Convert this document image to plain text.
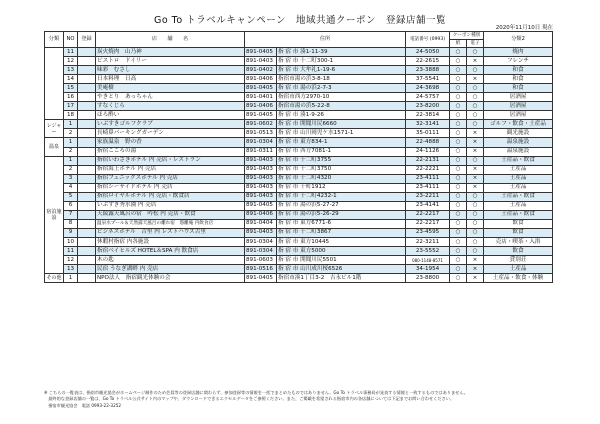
Go To トラベルキャンペーン　地域共通クーポン　登録店舗一覧
2020年11月10日 現在
分類	NO	登録	店　　舗　　名	住所		電話番号 (0993)	クーポン種別		分類2
							紙	電子	
	11		炭火焼肉　山乃神	891-0405	指 宿 市 湊1-11-39	24-5050	○	○	焼肉
	12		ビストロ　ドイリー	891-0403	指 宿 市 十二町300-1	22-2615	○	×	フレンチ
	13		味彩　むさし	891-0402	指 宿 市 大牟礼1-19-6	23-3888	○	○	和食
	14		日本料理　日高	891-0406	指宿市湯の浜3-8-18	37-5541	○	×	和食
	15		美庵樹	891-0405	指 宿 市 湯の浜2-7-3	24-3698	○	○	和食
	16		やきとり　あっちゃん	891-0401	指宿市西方2970-10	24-5757	○	○	居酒屋
	17		すなくじら	891-0406	指宿市湯の浜5-22-8	23-8200	○	○	居酒屋
	18		ほろ酔い	891-0405	指 宿 市 湊1-9-26	22-3814	○	○	居酒屋
レジャー	1		いぶすきゴルフクラブ	891-0602	指 宿 市 開聞川尻6660	32-3141	○	○	ゴルフ・飲食・土産品
	2		長崎鼻パーキングガーデン	891-0513	指 宿 市 山川岡児ケ水1571-1	35-0111	○	×	観光施設
温泉	1		家族温泉　野の香	891-0304	指 宿 市 東方834-1	22-4888	○	×	温泉施設
	2		指宿こころの湯	891-0311	指 宿 市 西方7081-1	24-1126	○	×	温泉施設
宿泊施設	1		指宿いわさきホテル 内 売店・レストラン	891-0403	指 宿 市 十二町3755	22-2131	○	○	土産品・飲食
	2		指宿海上ホテル 内 売店	891-0403	指 宿 市 十二町3750	22-2221	○	×	土産品
	3		指宿フェニックスホテル 内 売店	891-0403	指 宿 市 十二町4320	23-4111	○	×	土産品
	4		指宿シーサイドホテル 内 売店	891-0403	指 宿 市 十町1912	23-4111	○	×	土産品
	5		指宿ロイヤルホテル 内 売店・飲食店	891-0403	指 宿 市 十二町4232-1	23-2211	○	○	土産品・飲食
	6		いぶすき秀水園 内 売店	891-0405	指 宿 市 湯の浜5-27-27	23-4141	○	○	土産品
	7		天綾露天風呂の宿　吟松 内 売店・飲食	891-0406	指 宿 市 湯の浜5-26-29	22-2217	○	○	土産品・飲食
	8		温泉水プール＆天然露天風呂の離れ宿　悠離庵 内飲食店	891-0404	指 宿 市 東方6771-6	22-2217	○	○	飲食
	9		ビジネスホテル　古里 内 レストハウス古里	891-0403	指 宿 市 十二町3867	23-4595	○	○	飲食
	10		休暇村指宿 内各施設	891-0304	指 宿 市 東方10445	22-3211	○	○	売店・喫茶・入浴
	11		指宿ベイヒルズ HOTEL＆SPA 内 飲食店	891-0304	指 宿 市 東方5000	23-5552	○	○	飲食
	12		木の匙	891-0603	指 宿 市 開聞川尻5501	080-1148-8571	○	×	貸別荘
	13		民宿 うなぎ湖畔 内 売店	891-0516	指 宿 市 山川成川桜6526	34-1954	○	×	土産品
その他	1		NPO法人　指宿観光体験の会	891-0405	指宿市湊1丁目3-2　吉永ビル1階	23-8800	○	×	土産品・飲食・体験
※ こちらの一覧表は、指宿市観光協会がホームページ制作のため会員等の登録店舗に関わらず、参加登録等の情報を一括でまとめたものではありません。Go To トラベル事務局が発表する情報と一致するものではありません。
　最終的な登録店舗の一覧は、Go To トラベル公式サイト内のマップや、ダウンロードできるエクセルデータをご参照ください。また、ご掲載を希望される指宿市内の各店舗については下記までお問い合わせください。
　指宿市観光協会　電話 0993-22-3252
